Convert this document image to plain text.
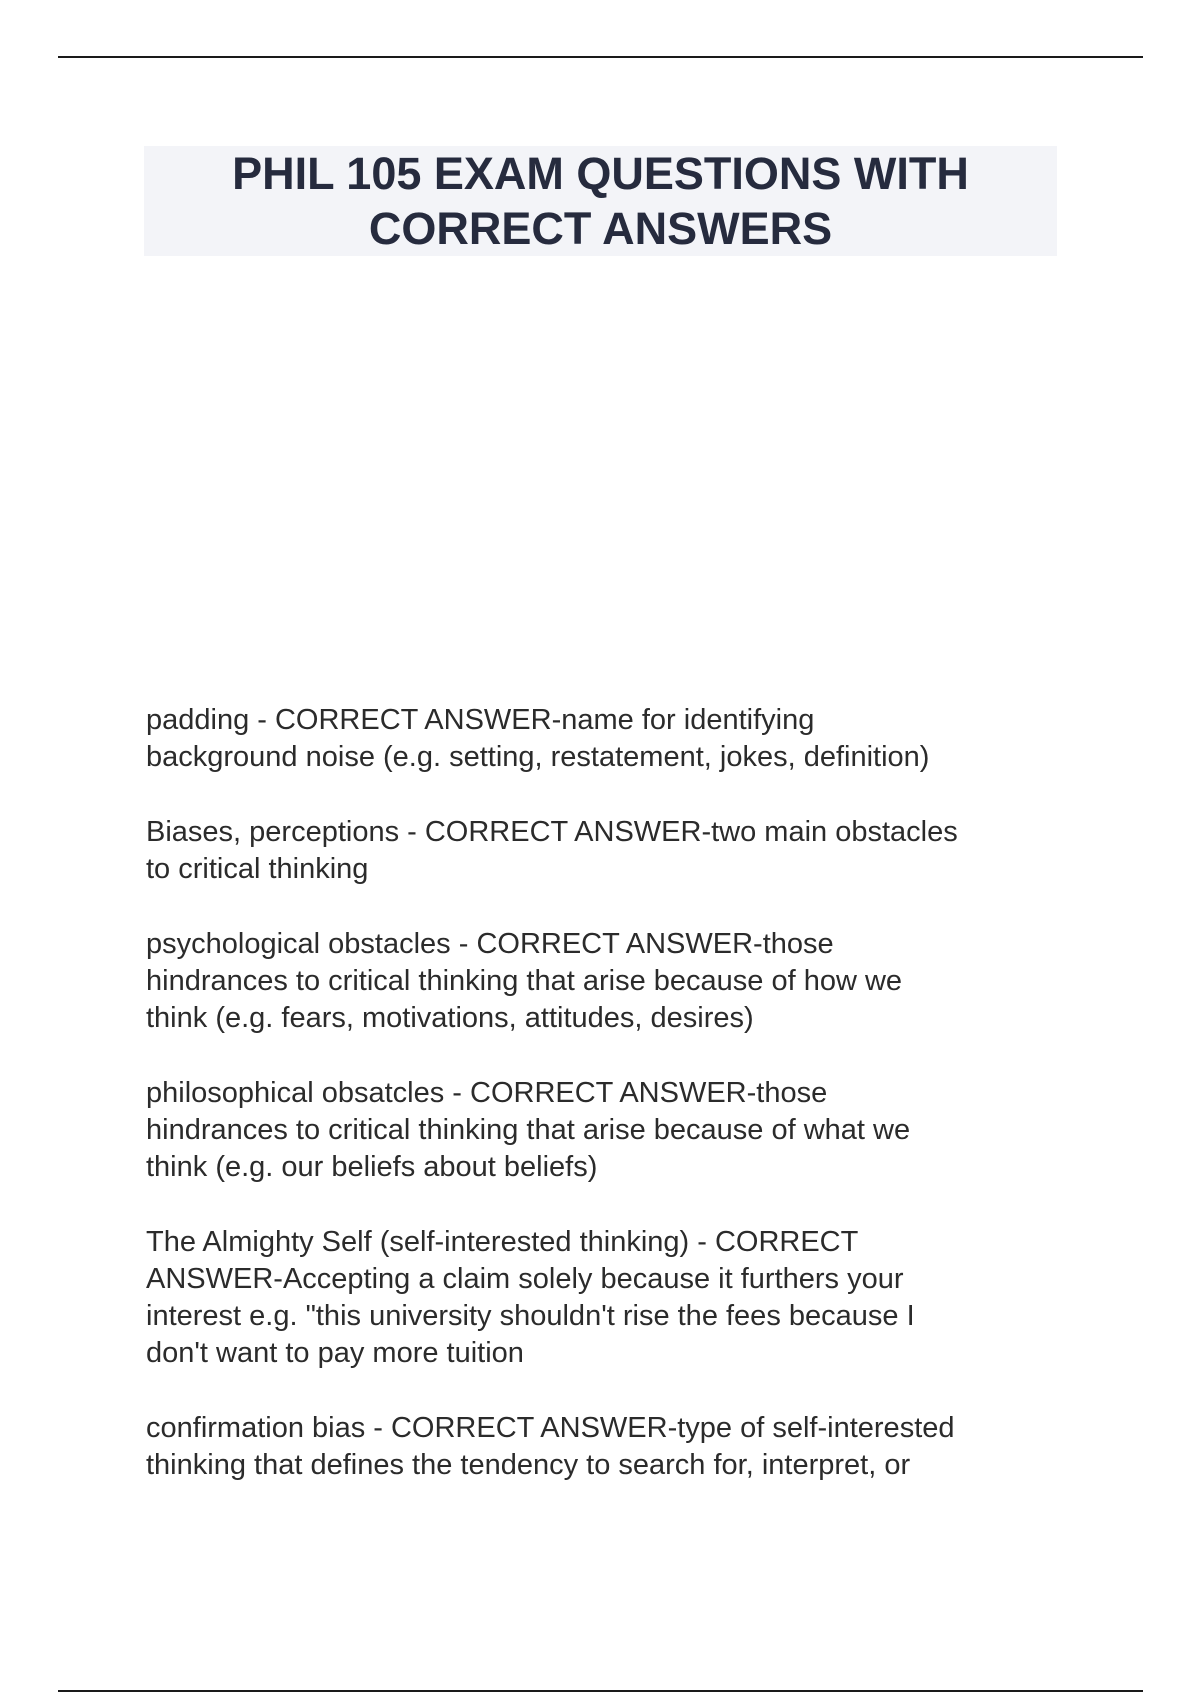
PHIL 105 EXAM QUESTIONS WITH
CORRECT ANSWERS

padding - CORRECT ANSWER-name for identifying
background noise (e.g. setting, restatement, jokes, definition)

Biases, perceptions - CORRECT ANSWER-two main obstacles
to critical thinking

psychological obstacles - CORRECT ANSWER-those
hindrances to critical thinking that arise because of how we
think (e.g. fears, motivations, attitudes, desires)

philosophical obsatcles - CORRECT ANSWER-those
hindrances to critical thinking that arise because of what we
think (e.g. our beliefs about beliefs)

The Almighty Self (self-interested thinking) - CORRECT
ANSWER-Accepting a claim solely because it furthers your
interest e.g. "this university shouldn't rise the fees because I
don't want to pay more tuition

confirmation bias - CORRECT ANSWER-type of self-interested
thinking that defines the tendency to search for, interpret, or
